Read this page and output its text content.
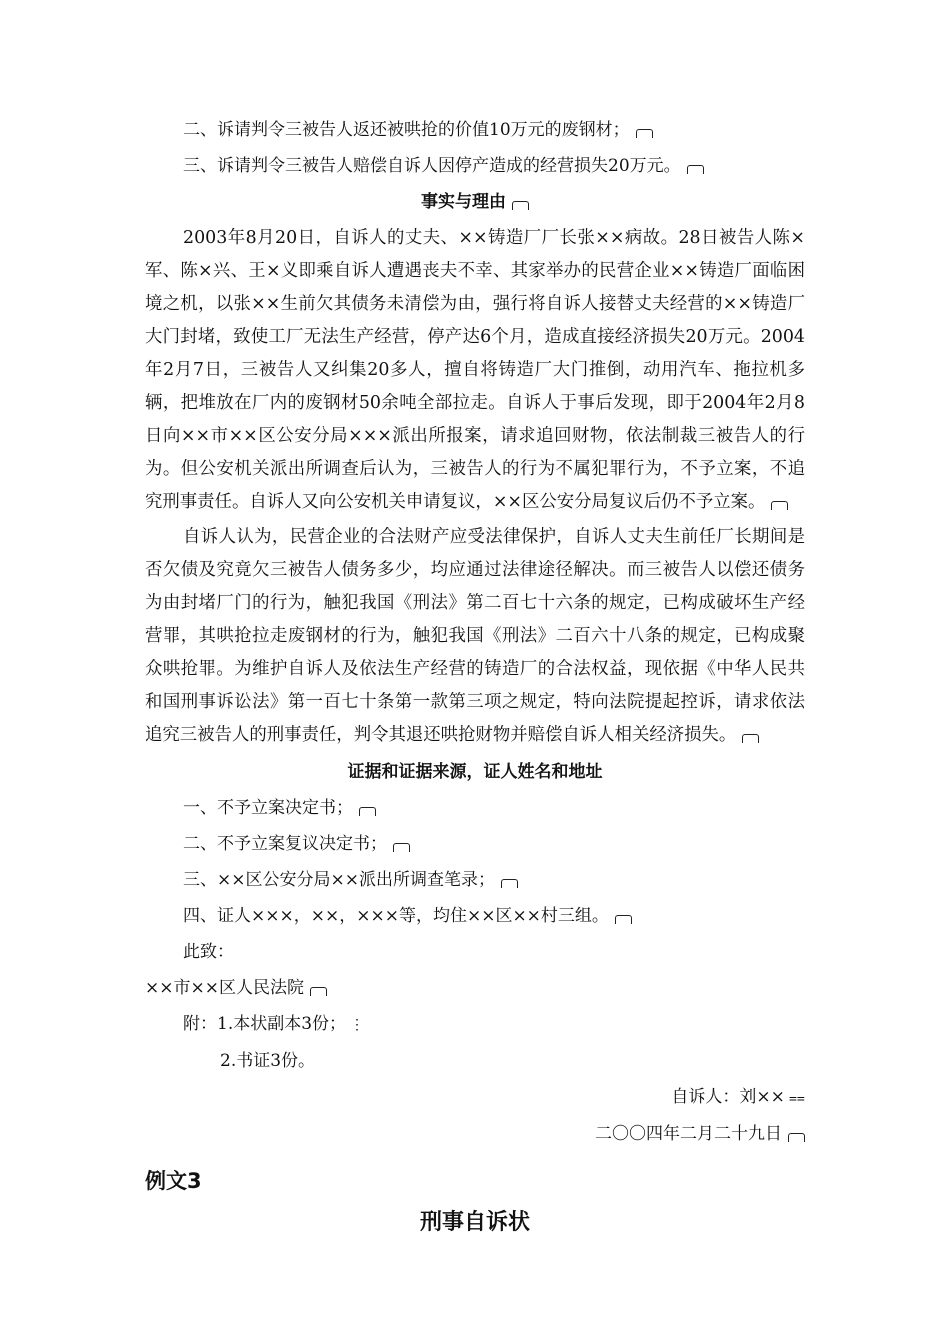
二、诉请判令三被告人返还被哄抢的价值10万元的废钢材；
三、诉请判令三被告人赔偿自诉人因停产造成的经营损失20万元。
事实与理由

2003年8月20日，自诉人的丈夫、××铸造厂厂长张××病故。28日被告人陈×军、陈×兴、王×义即乘自诉人遭遇丧夫不幸、其家举办的民营企业××铸造厂面临困境之机，以张××生前欠其债务未清偿为由，强行将自诉人接替丈夫经营的××铸造厂大门封堵，致使工厂无法生产经营，停产达6个月，造成直接经济损失20万元。2004年2月7日，三被告人又纠集20多人，擅自将铸造厂大门推倒，动用汽车、拖拉机多辆，把堆放在厂内的废钢材50余吨全部拉走。自诉人于事后发现，即于2004年2月8日向××市××区公安分局×××派出所报案，请求追回财物，依法制裁三被告人的行为。但公安机关派出所调查后认为，三被告人的行为不属犯罪行为，不予立案，不追究刑事责任。自诉人又向公安机关申请复议，××区公安分局复议后仍不予立案。

自诉人认为，民营企业的合法财产应受法律保护，自诉人丈夫生前任厂长期间是否欠债及究竟欠三被告人债务多少，均应通过法律途径解决。而三被告人以偿还债务为由封堵厂门的行为，触犯我国《刑法》第二百七十六条的规定，已构成破坏生产经营罪，其哄抢拉走废钢材的行为，触犯我国《刑法》二百六十八条的规定，已构成聚众哄抢罪。为维护自诉人及依法生产经营的铸造厂的合法权益，现依据《中华人民共和国刑事诉讼法》第一百七十条第一款第三项之规定，特向法院提起控诉，请求依法追究三被告人的刑事责任，判令其退还哄抢财物并赔偿自诉人相关经济损失。

证据和证据来源，证人姓名和地址
一、不予立案决定书；
二、不予立案复议决定书；
三、××区公安分局××派出所调查笔录；
四、证人×××，××，×××等，均住××区××村三组。
此致：
××市××区人民法院
附：1.本状副本3份； ⋮
2.书证3份。
自诉人：刘×× ⩵
二〇〇四年二月二十九日
例文3
刑事自诉状
